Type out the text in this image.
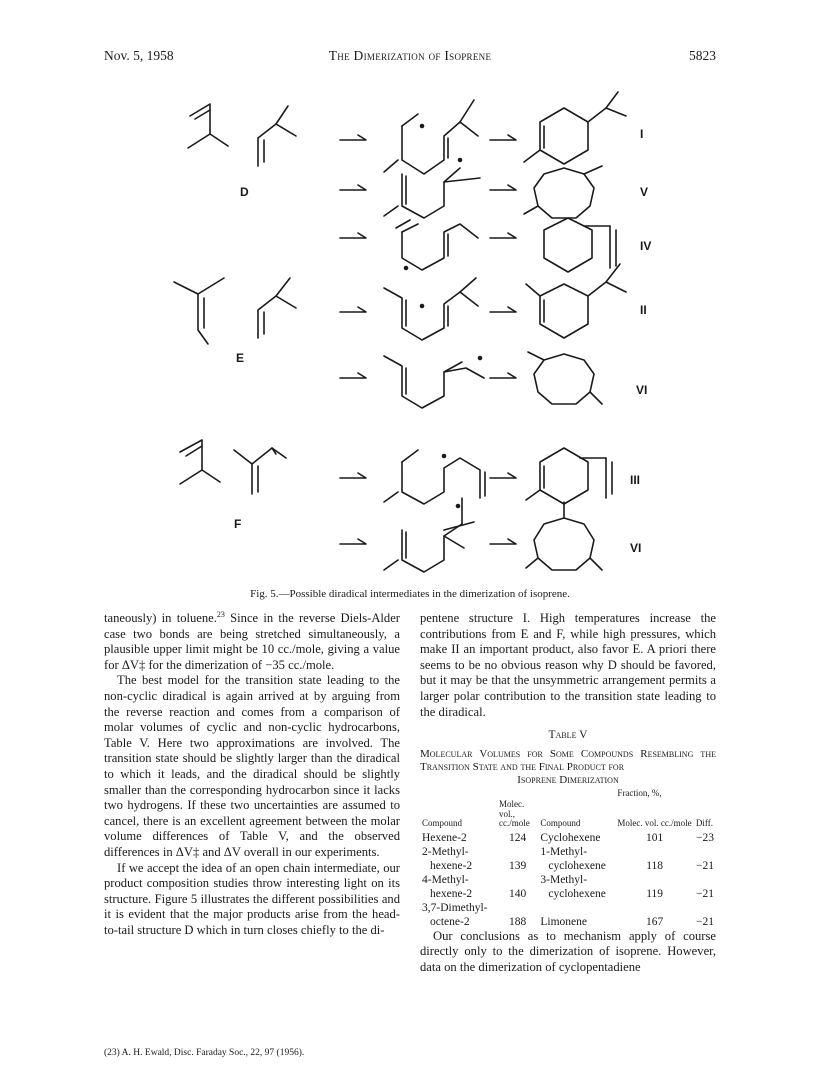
Nov. 5, 1958	The Dimerization of Isoprene	5823
I
D	V
IV
E
II
VI
F
III
VI
Fig. 5.—Possible diradical intermediates in the dimerization of isoprene.

taneously) in toluene.$^{23}$ Since in the reverse Diels-Alder case two bonds are being stretched simultaneously, a plausible upper limit might be 10 cc./mole, giving a value for ΔV‡ for the dimerization of −35 cc./mole.

The best model for the transition state leading to the non-cyclic diradical is again arrived at by arguing from the reverse reaction and comes from a comparison of molar volumes of cyclic and non-cyclic hydrocarbons, Table V. Here two approximations are involved. The transition state should be slightly larger than the diradical to which it leads, and the diradical should be slightly smaller than the corresponding hydrocarbon since it lacks two hydrogens. If these two uncertainties are assumed to cancel, there is an excellent agreement between the molar volume differences of Table V, and the observed differences in ΔV‡ and ΔV overall in our experiments.

If we accept the idea of an open chain intermediate, our product composition studies throw interesting light on its structure. Figure 5 illustrates the different possibilities and it is evident that the major products arise from the head-to-tail structure D which in turn closes chiefly to the di-

(23) A. H. Ewald, Disc. Faraday Soc., 22, 97 (1956).

pentene structure I. High temperatures increase the contributions from E and F, while high pressures, which make II an important product, also favor E. A priori there seems to be no obvious reason why D should be favored, but it may be that the unsymmetric arrangement permits a larger polar contribution to the transition state leading to the diradical.

Table V
Molecular Volumes for Some Compounds Resembling the Transition State and the Final Product for
Isoprene Dimerization
			Fraction, %,	
Compound	Molec. vol., cc./mole	Compound	Molec. vol. cc./mole	Diff.
Hexene-2	124	Cyclohexene	101	−23
2-Methyl-		1-Methyl-		
hexene-2	139	cyclohexene	118	−21
4-Methyl-		3-Methyl-		
hexene-2	140	cyclohexene	119	−21
3,7-Dimethyl-				
octene-2	188	Limonene	167	−21

Our conclusions as to mechanism apply of course directly only to the dimerization of isoprene. However, data on the dimerization of cyclopentadiene
